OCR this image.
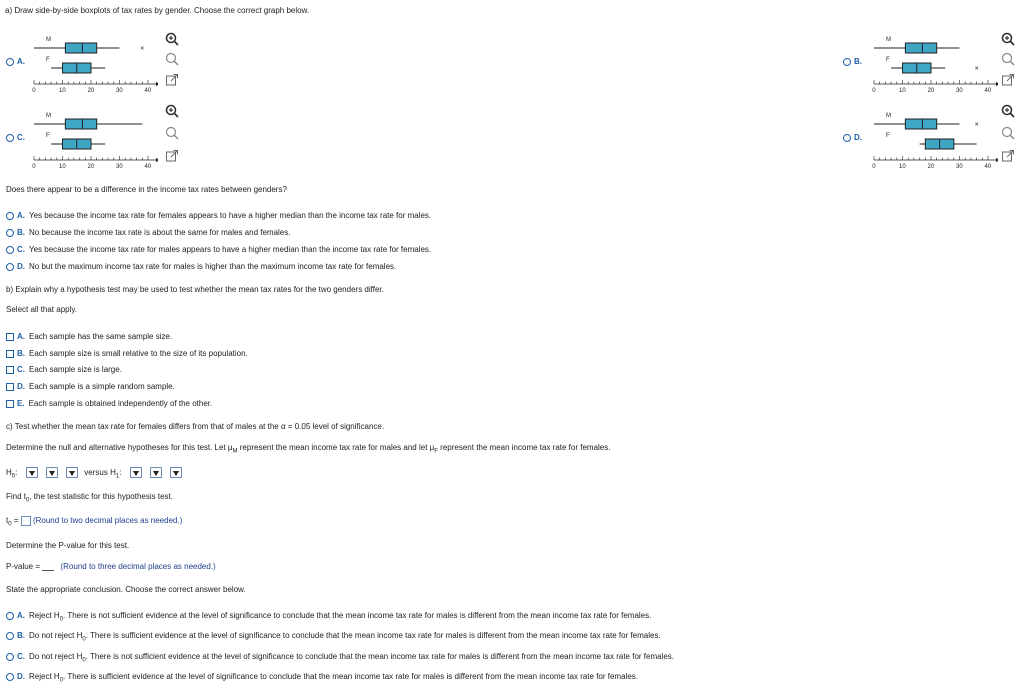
a) Draw side-by-side boxplots of tax rates by gender. Choose the correct graph below.
A.
M
×
F
0	10	20	30	40
B.
M
F
×
0	10	20	30	40
C.
M
F
0	10	20	30	40
D.
M
×
F
0	10	20	30	40
Does there appear to be a difference in the income tax rates between genders?
A. Yes because the income tax rate for females appears to have a higher median than the income tax rate for males.
B. No because the income tax rate is about the same for males and females.
C. Yes because the income tax rate for males appears to have a higher median than the income tax rate for females.
D. No but the maximum income tax rate for males is higher than the maximum income tax rate for females.
b) Explain why a hypothesis test may be used to test whether the mean tax rates for the two genders differ.
Select all that apply.
A. Each sample has the same sample size.
B. Each sample size is small relative to the size of its population.
C. Each sample size is large.
D. Each sample is a simple random sample.
E. Each sample is obtained independently of the other.
c) Test whether the mean tax rate for females differs from that of males at the α = 0.05 level of significance.
Determine the null and alternative hypotheses for this test. Let $\mu_M$ represent the mean income tax rate for males and let $\mu_F$ represent the mean income tax rate for females.
$H_0$:	versus $H_1$:
Find $t_0$, the test statistic for this hypothesis test.
$t_0$ = (Round to two decimal places as needed.)
Determine the P-value for this test.
P-value =	(Round to three decimal places as needed.)
State the appropriate conclusion. Choose the correct answer below.
A. Reject $H_0$. There is not sufficient evidence at the level of significance to conclude that the mean income tax rate for males is different from the mean income tax rate for females.
B. Do not reject $H_0$. There is sufficient evidence at the level of significance to conclude that the mean income tax rate for males is different from the mean income tax rate for females.
C. Do not reject $H_0$. There is not sufficient evidence at the level of significance to conclude that the mean income tax rate for males is different from the mean income tax rate for females.
D. Reject $H_0$. There is sufficient evidence at the level of significance to conclude that the mean income tax rate for males is different from the mean income tax rate for females.
